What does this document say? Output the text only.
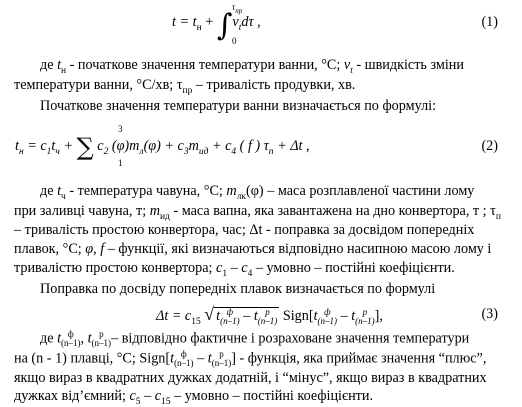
$t = t_н + \int v_td\tau$ ,
$\tau_{пр}$
0
(1)
де $t_н$ - початкове значення температури ванни, °С; $v_t$ - швидкість зміни
температури ванни, °С/хв; $\tau_{пр}$ – тривалість продувки, хв.
Початкове значення температури ванни визначається по формулі:
$t_н = c_1t_ч$ + ∑ $c_2$ $(\varphi)m_л(\varphi) + c_3m_{ид} + c_4$ ( f ) $\tau_п + \Delta t$ ,
3
1
(2)
де $t_ч$ - температура чавуна, °С; $m_{лк}(\varphi)$ – маса розплавленої частини лому
при заливці чавуна, т; $m_{ид}$ - маса вапна, яка завантажена на дно конвертора, т ; $\tau_п$
– тривалість простою конвертора, час; Δt - поправка за досвідом попередніх
плавок, °С; φ, f – функції, які визначаються відповідно насипною масою лому і
тривалістю простою конвертора; $c_1 - c_4$ – умовно – постійні коефіцієнти.
Поправка по досвіду попередніх плавок визначається по формулі
$\Delta t = c_{15}$ √ t ф
(n–1) – t р
(n–1) Sign[t ф
(n–1) – t р
(n–1)],	(3)
де t ф
(n–1), t р
(n–1)– відповідно фактичне і розраховане значення температури
на (n - 1) плавці, °С; Sign[t ф
(n–1) – t р
(n–1)] - функція, яка приймає значення “плюс”,
якщо вираз в квадратних дужках додатній, і “мінус”, якщо вираз в квадратних
дужках від’ємний; $c_5 - c_{15}$ – умовно – постійні коефіцієнти.
